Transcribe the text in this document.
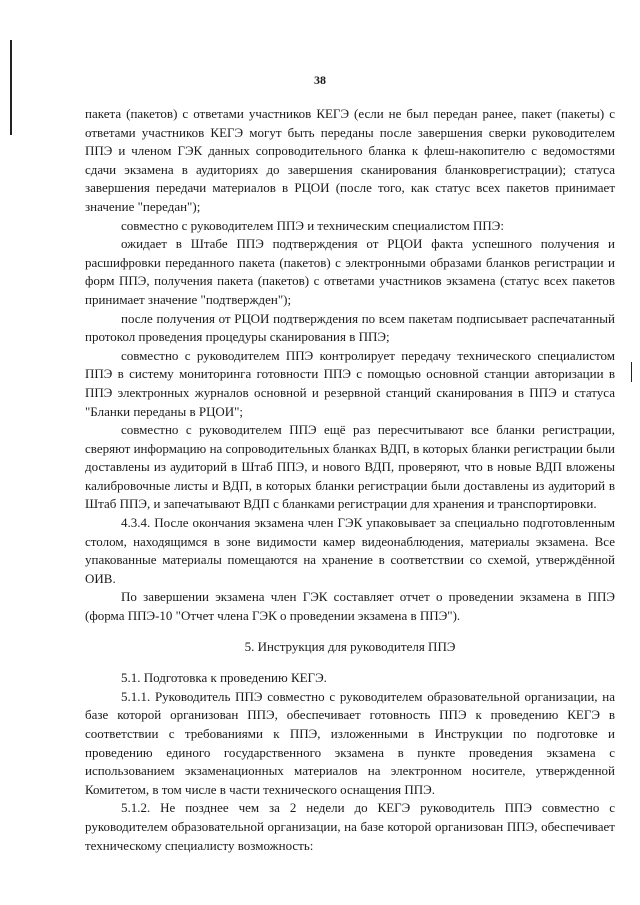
38

пакета (пакетов) с ответами участников КЕГЭ (если не был передан ранее, пакет (пакеты) с ответами участников КЕГЭ могут быть переданы после завершения сверки руководителем ППЭ и членом ГЭК данных сопроводительного бланка к флеш-накопителю с ведомостями сдачи экзамена в аудиториях до завершения сканирования бланковрегистрации); статуса завершения передачи материалов в РЦОИ (после того, как статус всех пакетов принимает значение "передан");

совместно с руководителем ППЭ и техническим специалистом ППЭ:

ожидает в Штабе ППЭ подтверждения от РЦОИ факта успешного получения и расшифровки переданного пакета (пакетов) с электронными образами бланков регистрации и форм ППЭ, получения пакета (пакетов) с ответами участников экзамена (статус всех пакетов принимает значение "подтвержден");

после получения от РЦОИ подтверждения по всем пакетам подписывает распечатанный протокол проведения процедуры сканирования в ППЭ;

совместно с руководителем ППЭ контролирует передачу технического специалистом ППЭ в систему мониторинга готовности ППЭ с помощью основной станции авторизации в ППЭ электронных журналов основной и резервной станций сканирования в ППЭ и статуса "Бланки переданы в РЦОИ";

совместно с руководителем ППЭ ещё раз пересчитывают все бланки регистрации, сверяют информацию на сопроводительных бланках ВДП, в которых бланки регистрации были доставлены из аудиторий в Штаб ППЭ, и нового ВДП, проверяют, что в новые ВДП вложены калибровочные листы и ВДП, в которых бланки регистрации были доставлены из аудиторий в Штаб ППЭ, и запечатывают ВДП с бланками регистрации для хранения и транспортировки.

4.3.4. После окончания экзамена член ГЭК упаковывает за специально подготовленным столом, находящимся в зоне видимости камер видеонаблюдения, материалы экзамена. Все упакованные материалы помещаются на хранение в соответствии со схемой, утверждённой ОИВ.

По завершении экзамена член ГЭК составляет отчет о проведении экзамена в ППЭ (форма ППЭ-10 "Отчет члена ГЭК о проведении экзамена в ППЭ").

5. Инструкция для руководителя ППЭ

5.1. Подготовка к проведению КЕГЭ.

5.1.1. Руководитель ППЭ совместно с руководителем образовательной организации, на базе которой организован ППЭ, обеспечивает готовность ППЭ к проведению КЕГЭ в соответствии с требованиями к ППЭ, изложенными в Инструкции по подготовке и проведению единого государственного экзамена в пункте проведения экзамена с использованием экзаменационных материалов на электронном носителе, утвержденной Комитетом, в том числе в части технического оснащения ППЭ.

5.1.2. Не позднее чем за 2 недели до КЕГЭ руководитель ППЭ совместно с руководителем образовательной организации, на базе которой организован ППЭ, обеспечивает техническому специалисту возможность:
